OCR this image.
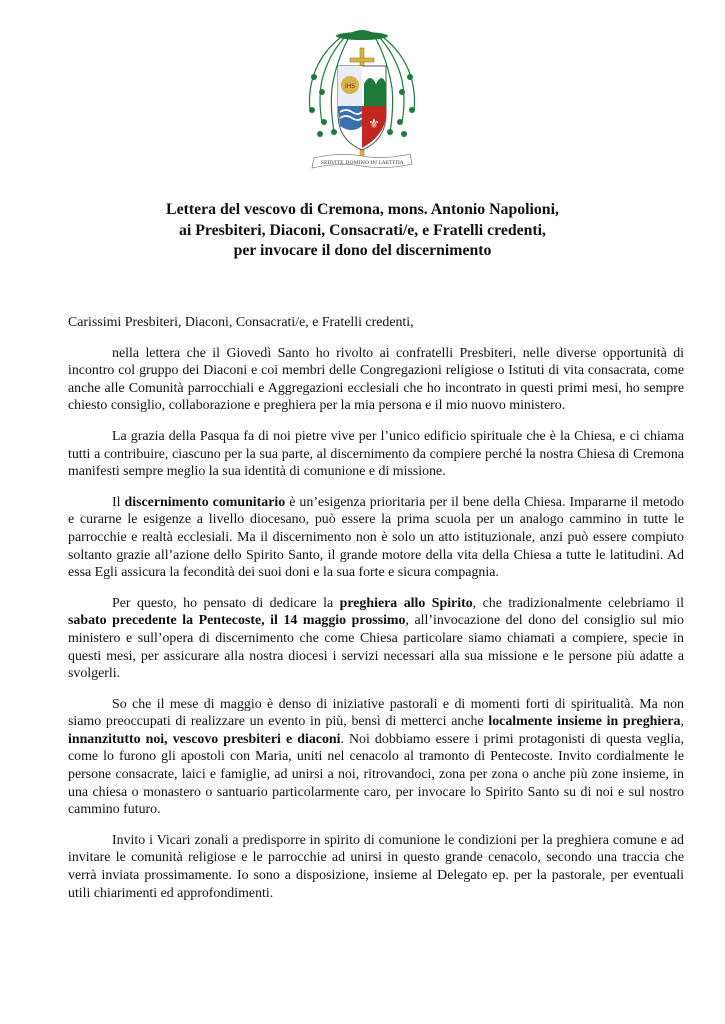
IHS
⚜
SERVITE DOMINO IN LAETITIA
Lettera del vescovo di Cremona, mons. Antonio Napolioni,
ai Presbiteri, Diaconi, Consacrati/e, e Fratelli credenti,
per invocare il dono del discernimento

Carissimi Presbiteri, Diaconi, Consacrati/e, e Fratelli credenti,

nella lettera che il Giovedì Santo ho rivolto ai confratelli Presbiteri, nelle diverse opportunità di incontro col gruppo dei Diaconi e coi membri delle Congregazioni religiose o Istituti di vita consacrata, come anche alle Comunità parrocchiali e Aggregazioni ecclesiali che ho incontrato in questi primi mesi, ho sempre chiesto consiglio, collaborazione e preghiera per la mia persona e il mio nuovo ministero.

La grazia della Pasqua fa di noi pietre vive per l’unico edificio spirituale che è la Chiesa, e ci chiama tutti a contribuire, ciascuno per la sua parte, al discernimento da compiere perché la nostra Chiesa di Cremona manifesti sempre meglio la sua identità di comunione e di missione.

Il discernimento comunitario è un’esigenza prioritaria per il bene della Chiesa. Impararne il metodo e curarne le esigenze a livello diocesano, può essere la prima scuola per un analogo cammino in tutte le parrocchie e realtà ecclesiali. Ma il discernimento non è solo un atto istituzionale, anzi può essere compiuto soltanto grazie all’azione dello Spirito Santo, il grande motore della vita della Chiesa a tutte le latitudini. Ad essa Egli assicura la fecondità dei suoi doni e la sua forte e sicura compagnia.

Per questo, ho pensato di dedicare la preghiera allo Spirito, che tradizionalmente celebriamo il sabato precedente la Pentecoste, il 14 maggio prossimo, all’invocazione del dono del consiglio sul mio ministero e sull’opera di discernimento che come Chiesa particolare siamo chiamati a compiere, specie in questi mesi, per assicurare alla nostra diocesi i servizi necessari alla sua missione e le persone più adatte a svolgerli.

So che il mese di maggio è denso di iniziative pastorali e di momenti forti di spiritualità. Ma non siamo preoccupati di realizzare un evento in più, bensì di metterci anche localmente insieme in preghiera, innanzitutto noi, vescovo presbiteri e diaconi. Noi dobbiamo essere i primi protagonisti di questa veglia, come lo furono gli apostoli con Maria, uniti nel cenacolo al tramonto di Pentecoste. Invito cordialmente le persone consacrate, laici e famiglie, ad unirsi a noi, ritrovandoci, zona per zona o anche più zone insieme, in una chiesa o monastero o santuario particolarmente caro, per invocare lo Spirito Santo su di noi e sul nostro cammino futuro.

Invito i Vicari zonali a predisporre in spirito di comunione le condizioni per la preghiera comune e ad invitare le comunità religiose e le parrocchie ad unirsi in questo grande cenacolo, secondo una traccia che verrà inviata prossimamente. Io sono a disposizione, insieme al Delegato ep. per la pastorale, per eventuali utili chiarimenti ed approfondimenti.
